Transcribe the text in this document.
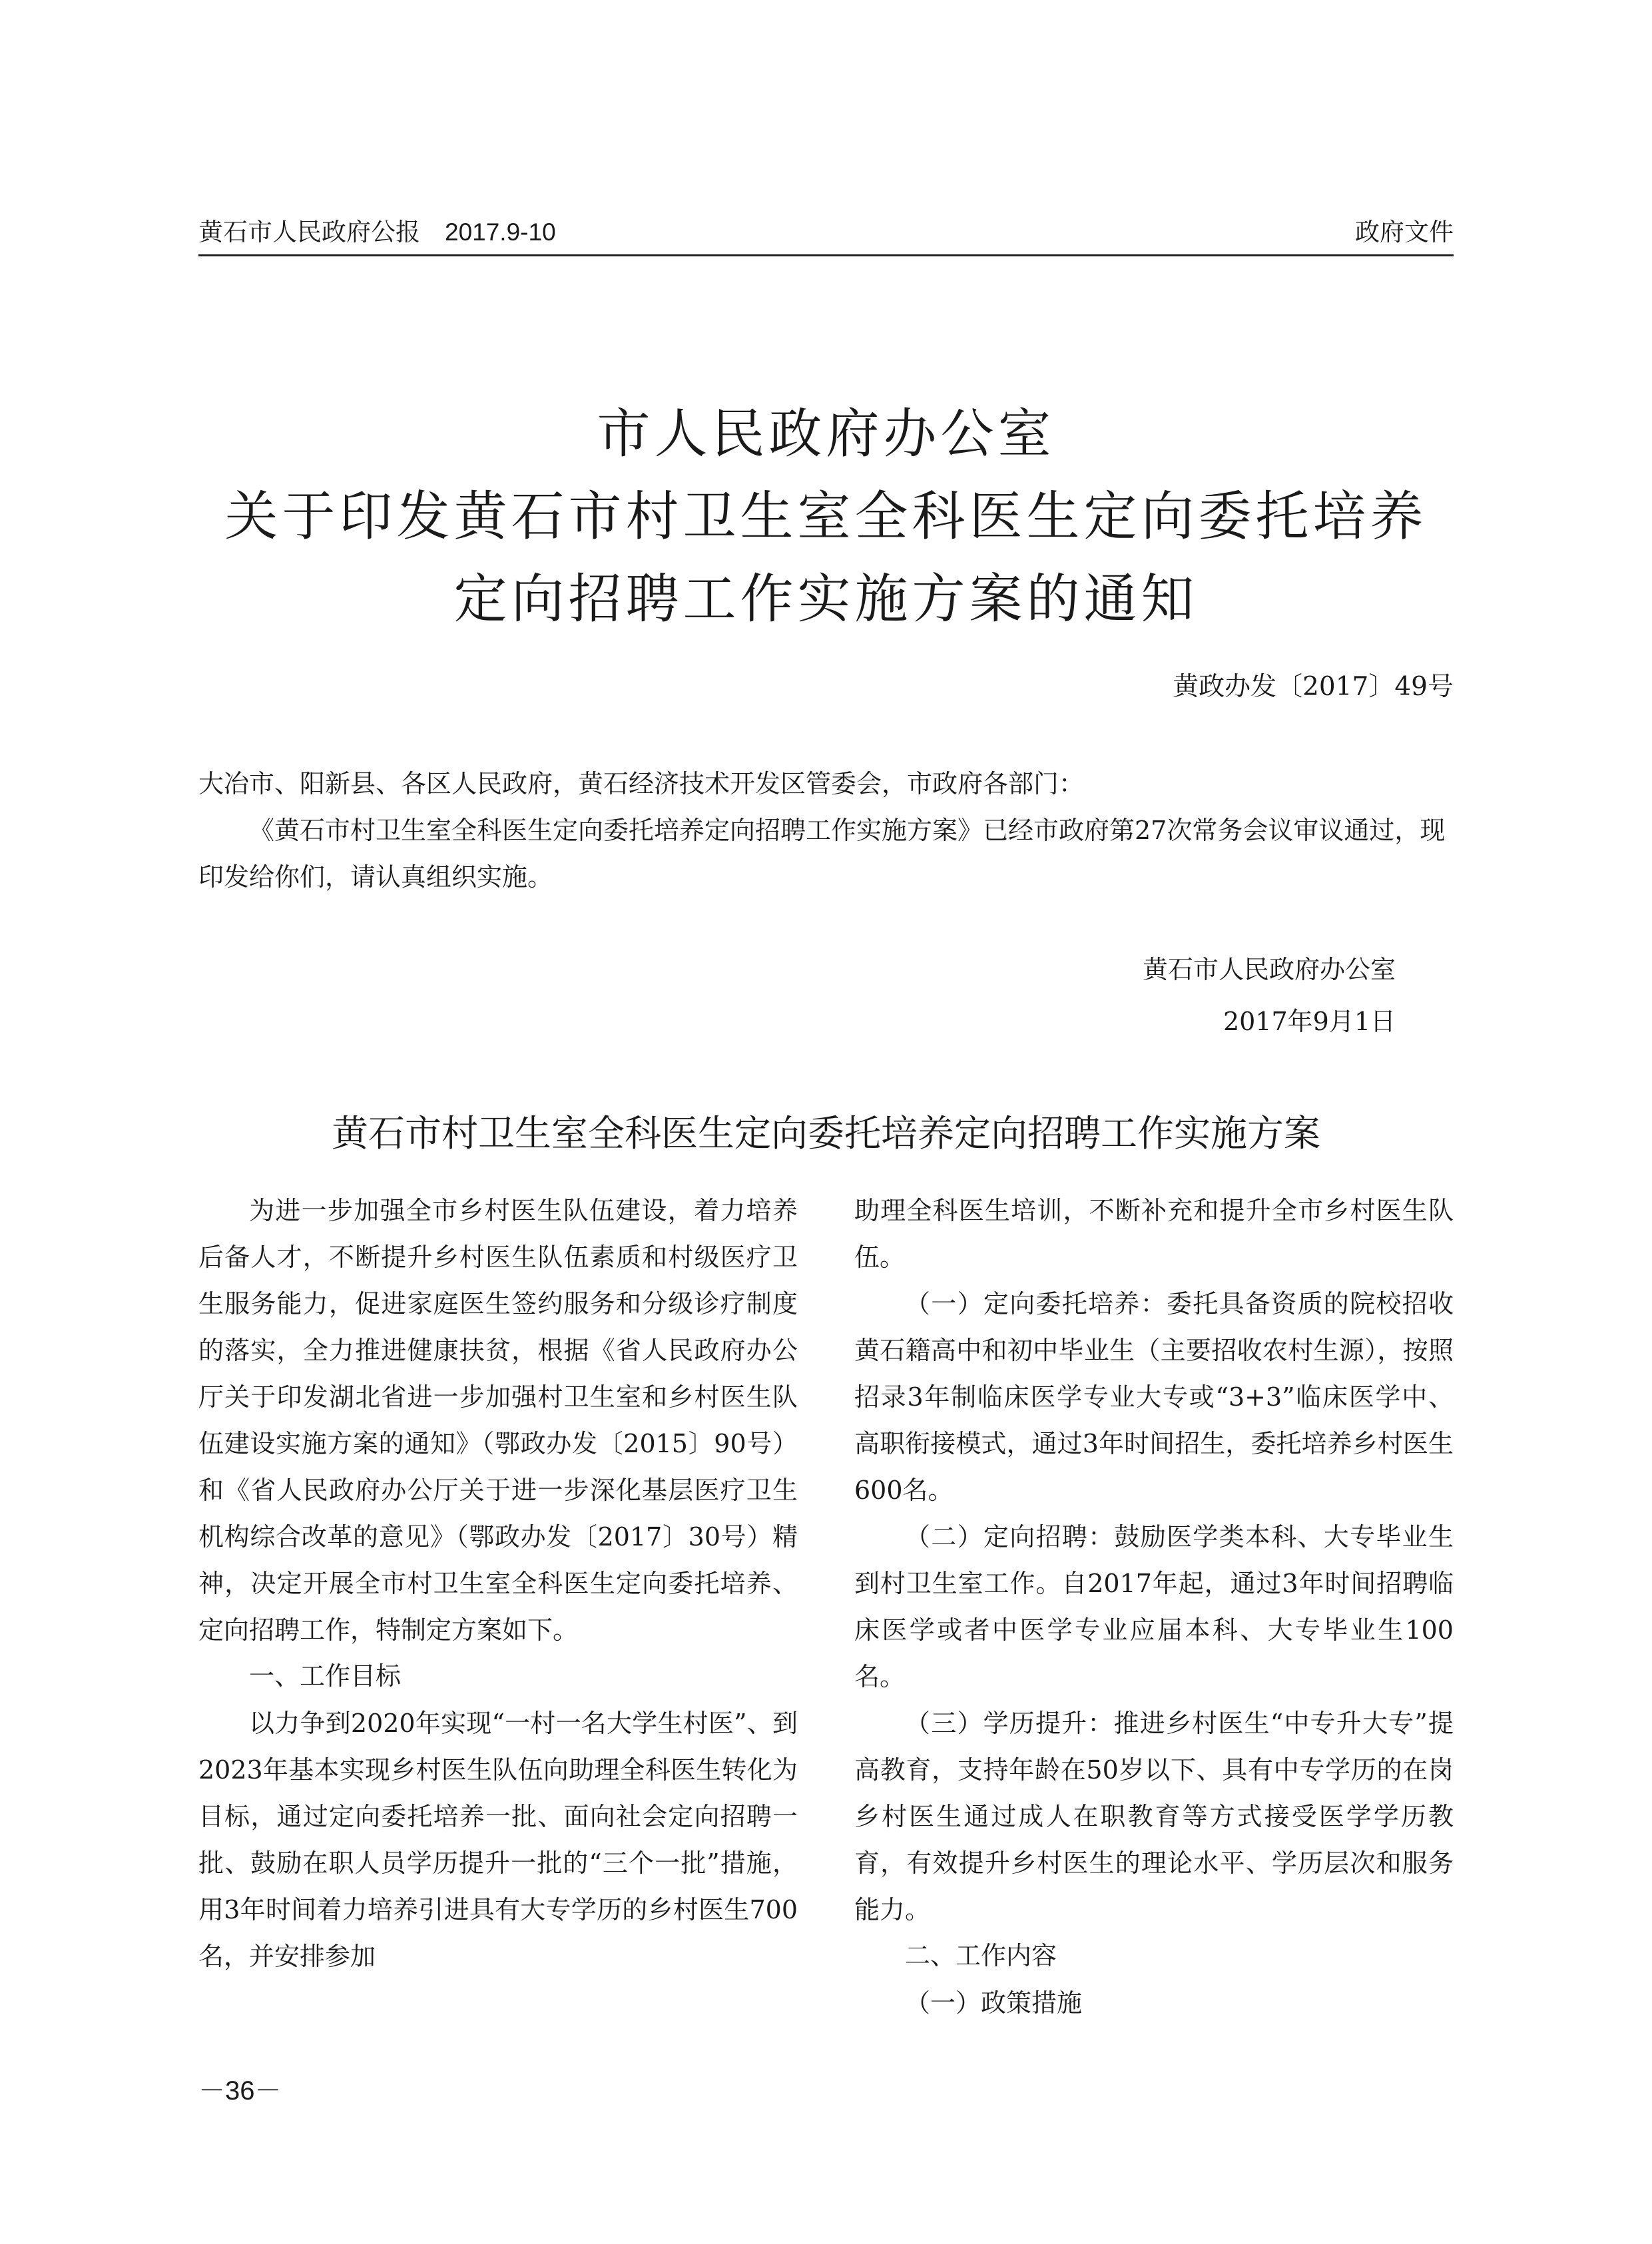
黄石市人民政府公报　2017.9-10	政府文件
市人民政府办公室
关于印发黄石市村卫生室全科医生定向委托培养
定向招聘工作实施方案的通知
黄政办发〔2017〕49号
大冶市、阳新县、各区人民政府，黄石经济技术开发区管委会，市政府各部门：
《黄石市村卫生室全科医生定向委托培养定向招聘工作实施方案》已经市政府第27次常务会议审议通过，现印发给你们，请认真组织实施。
黄石市人民政府办公室
2017年9月1日
黄石市村卫生室全科医生定向委托培养定向招聘工作实施方案

为进一步加强全市乡村医生队伍建设，着力培养后备人才，不断提升乡村医生队伍素质和村级医疗卫生服务能力，促进家庭医生签约服务和分级诊疗制度的落实，全力推进健康扶贫，根据《省人民政府办公厅关于印发湖北省进一步加强村卫生室和乡村医生队伍建设实施方案的通知》（鄂政办发〔2015〕90号）和《省人民政府办公厅关于进一步深化基层医疗卫生机构综合改革的意见》（鄂政办发〔2017〕30号）精神，决定开展全市村卫生室全科医生定向委托培养、定向招聘工作，特制定方案如下。

一、工作目标

以力争到2020年实现“一村一名大学生村医”、到2023年基本实现乡村医生队伍向助理全科医生转化为目标，通过定向委托培养一批、面向社会定向招聘一批、鼓励在职人员学历提升一批的“三个一批”措施，用3年时间着力培养引进具有大专学历的乡村医生700名，并安排参加

助理全科医生培训，不断补充和提升全市乡村医生队伍。

（一）定向委托培养：委托具备资质的院校招收黄石籍高中和初中毕业生（主要招收农村生源），按照招录3年制临床医学专业大专或“3+3”临床医学中、高职衔接模式，通过3年时间招生，委托培养乡村医生600名。

（二）定向招聘：鼓励医学类本科、大专毕业生到村卫生室工作。自2017年起，通过3年时间招聘临床医学或者中医学专业应届本科、大专毕业生100名。

（三）学历提升：推进乡村医生“中专升大专”提高教育，支持年龄在50岁以下、具有中专学历的在岗乡村医生通过成人在职教育等方式接受医学学历教育，有效提升乡村医生的理论水平、学历层次和服务能力。

二、工作内容

（一）政策措施

－36－
